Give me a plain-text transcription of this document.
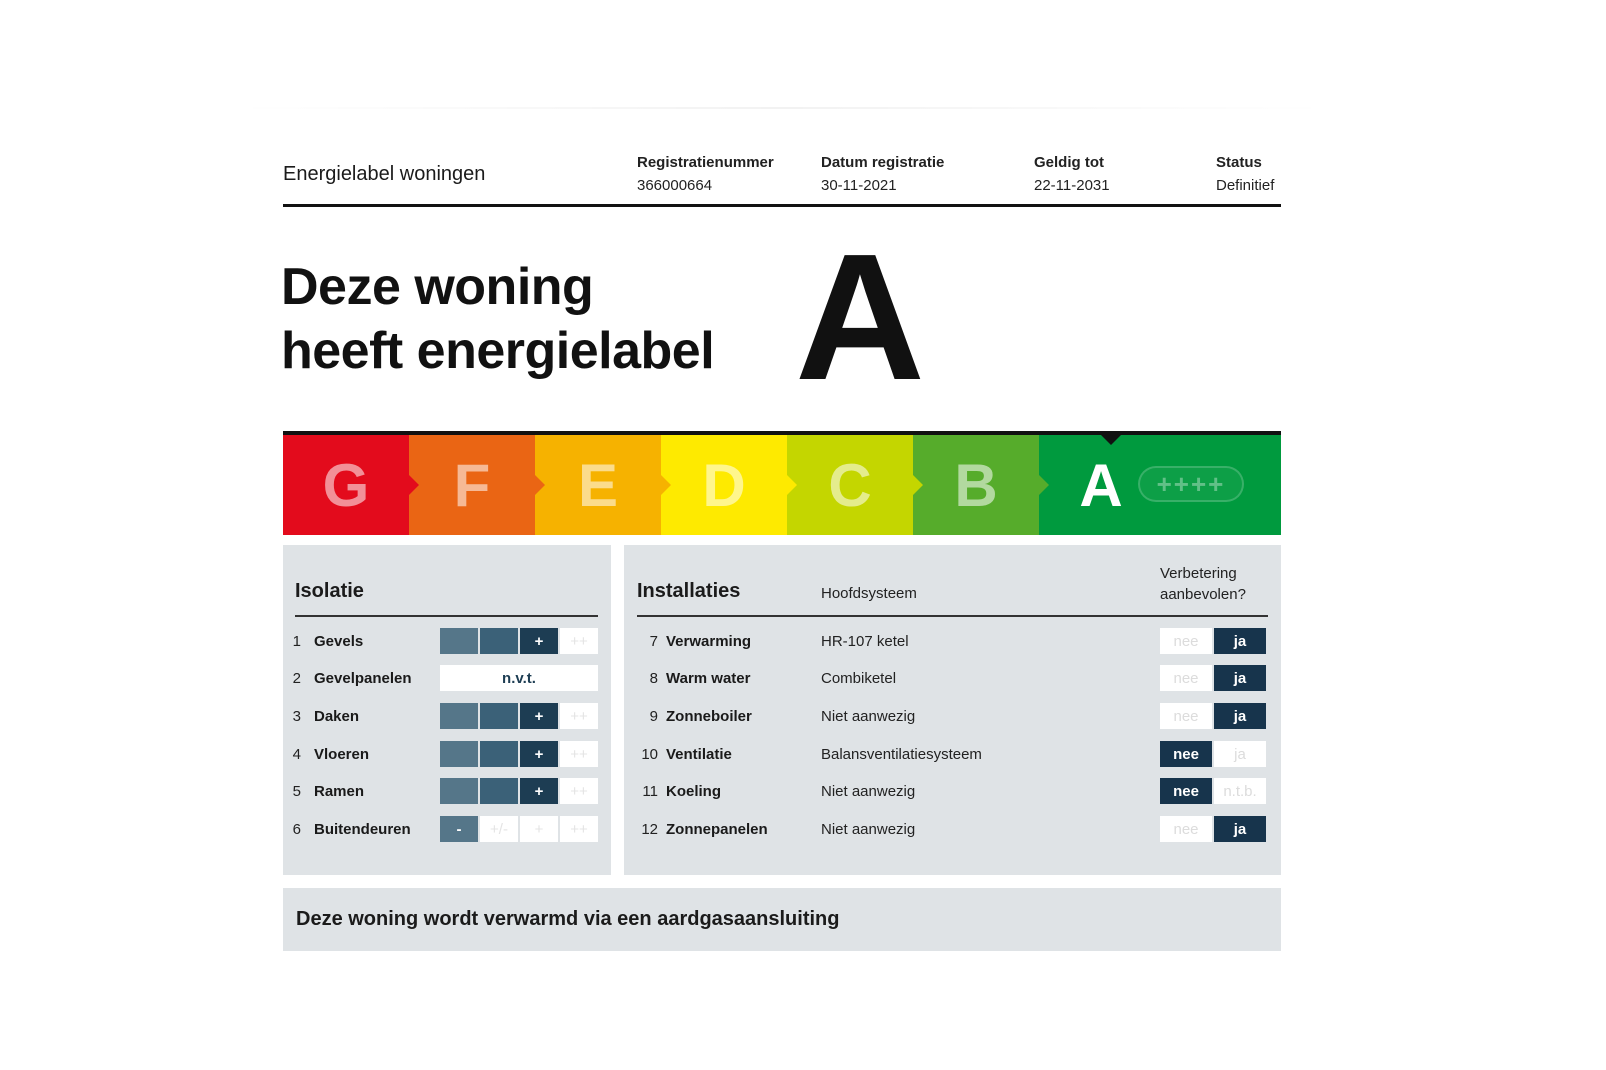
Energielabel woningen
Registratienummer
366000664
Datum registratie
30-11-2021
Geldig tot
22-11-2031
Status
Definitief
Deze woning
heeft energielabel A
G F E D C B A	++++
Isolatie
1 Gevels	+	++
2 Gevelpanelen	n.v.t.
3 Daken	+	++
4 Vloeren	+	++
5 Ramen	+	++
6 Buitendeuren	-	+/-	+	++
Installaties	Hoofdsysteem
Verbetering
aanbevolen?
7 Verwarming	HR-107 ketel	nee	ja
8 Warm water	Combiketel	nee	ja
9 Zonneboiler	Niet aanwezig	nee	ja
10 Ventilatie	Balansventilatiesysteem	nee	ja
11 Koeling	Niet aanwezig	nee	n.t.b.
12 Zonnepanelen	Niet aanwezig	nee	ja
Deze woning wordt verwarmd via een aardgasaansluiting
